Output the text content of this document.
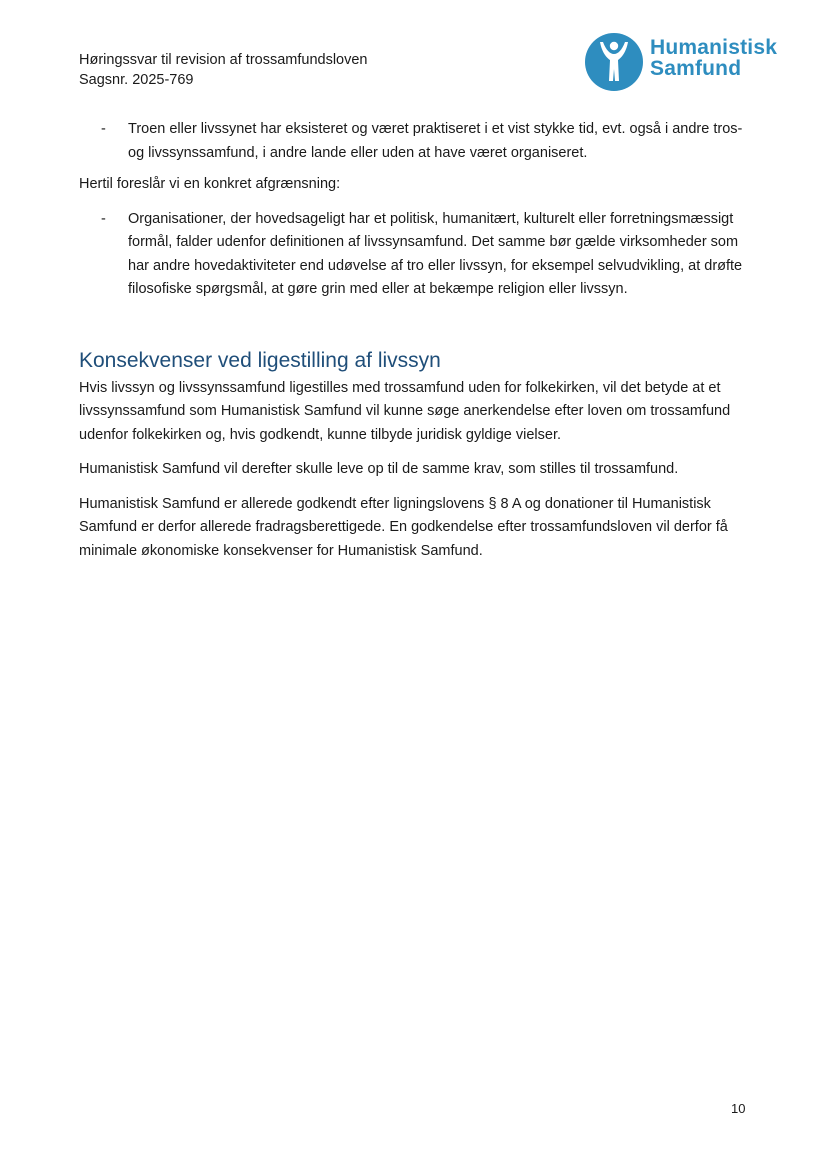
Høringssvar til revision af trossamfundsloven
Sagsnr. 2025-769
Humanistisk
Samfund
- Troen eller livssynet har eksisteret og været praktiseret i et vist stykke tid, evt. også i andre tros- og livssynssamfund, i andre lande eller uden at have været organiseret.

Hertil foreslår vi en konkret afgrænsning:

- Organisationer, der hovedsageligt har et politisk, humanitært, kulturelt eller forretningsmæssigt formål, falder udenfor definitionen af livssynsamfund. Det samme bør gælde virksomheder som har andre hovedaktiviteter end udøvelse af tro eller livssyn, for eksempel selvudvikling, at drøfte filosofiske spørgsmål, at gøre grin med eller at bekæmpe religion eller livssyn.
Konsekvenser ved ligestilling af livssyn

Hvis livssyn og livssynssamfund ligestilles med trossamfund uden for folkekirken, vil det betyde at et livssynssamfund som Humanistisk Samfund vil kunne søge anerkendelse efter loven om trossamfund udenfor folkekirken og, hvis godkendt, kunne tilbyde juridisk gyldige vielser.

Humanistisk Samfund vil derefter skulle leve op til de samme krav, som stilles til trossamfund.

Humanistisk Samfund er allerede godkendt efter ligningslovens § 8 A og donationer til Humanistisk Samfund er derfor allerede fradragsberettigede. En godkendelse efter trossamfundsloven vil derfor få minimale økonomiske konsekvenser for Humanistisk Samfund.

10
